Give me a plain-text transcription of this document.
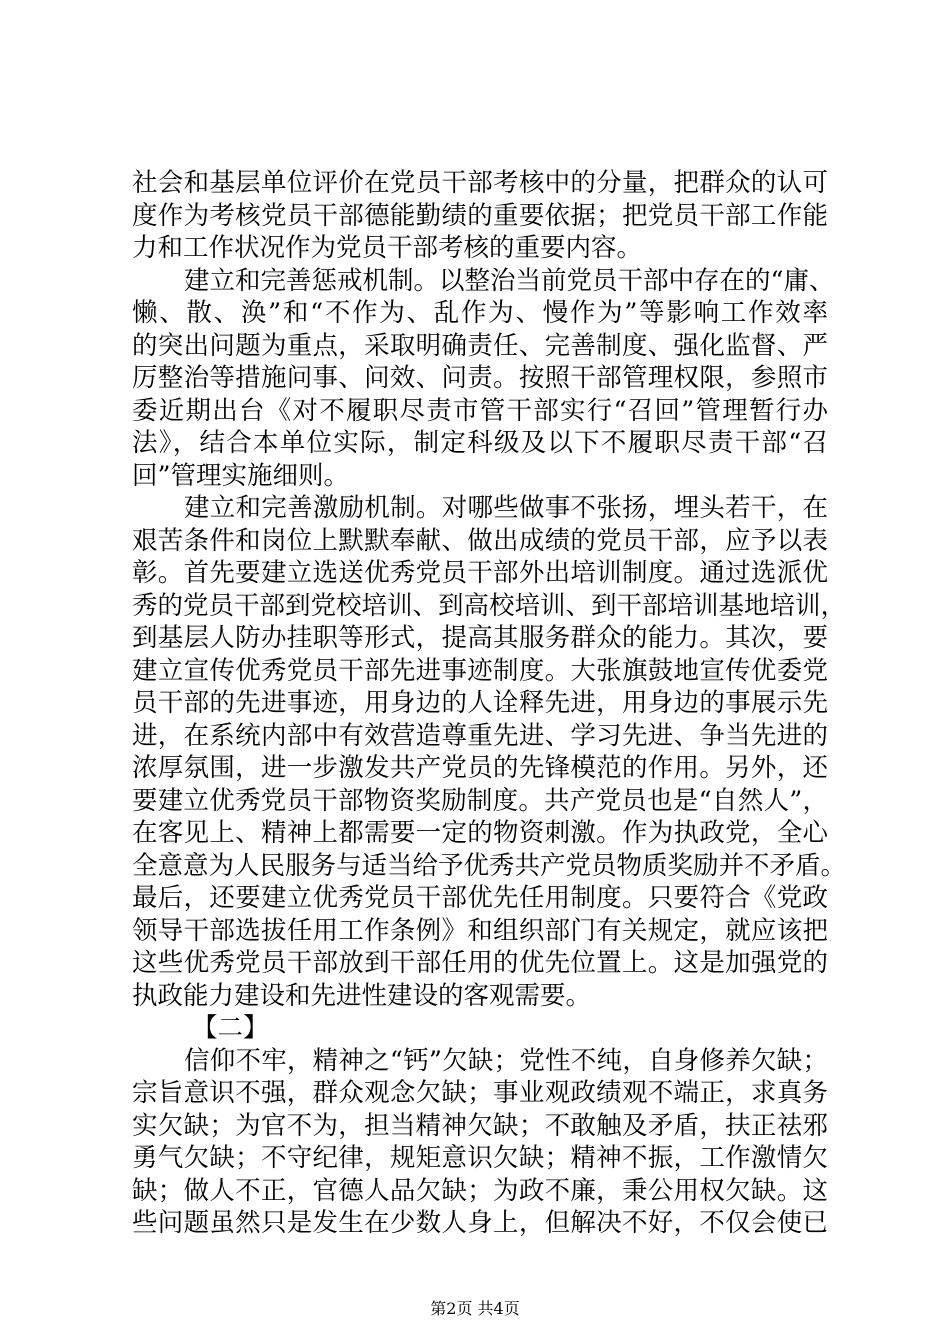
社会和基层单位评价在党员干部考核中的分量，把群众的认可
度作为考核党员干部德能勤绩的重要依据；把党员干部工作能
力和工作状况作为党员干部考核的重要内容。
建立和完善惩戒机制。以整治当前党员干部中存在的“庸、
懒、散、涣”和“不作为、乱作为、慢作为”等影响工作效率
的突出问题为重点，采取明确责任、完善制度、强化监督、严
厉整治等措施问事、问效、问责。按照干部管理权限，参照市
委近期出台《对不履职尽责市管干部实行“召回”管理暂行办
法》，结合本单位实际，制定科级及以下不履职尽责干部“召
回”管理实施细则。
建立和完善激励机制。对哪些做事不张扬，埋头若干，在
艰苦条件和岗位上默默奉献、做出成绩的党员干部，应予以表
彰。首先要建立选送优秀党员干部外出培训制度。通过选派优
秀的党员干部到党校培训、到高校培训、到干部培训基地培训，
到基层人防办挂职等形式，提高其服务群众的能力。其次，要
建立宣传优秀党员干部先进事迹制度。大张旗鼓地宣传优委党
员干部的先进事迹，用身边的人诠释先进，用身边的事展示先
进，在系统内部中有效营造尊重先进、学习先进、争当先进的
浓厚氛围，进一步激发共产党员的先锋模范的作用。另外，还
要建立优秀党员干部物资奖励制度。共产党员也是“自然人”，
在客见上、精神上都需要一定的物资刺激。作为执政党，全心
全意意为人民服务与适当给予优秀共产党员物质奖励并不矛盾。
最后，还要建立优秀党员干部优先任用制度。只要符合《党政
领导干部选拔任用工作条例》和组织部门有关规定，就应该把
这些优秀党员干部放到干部任用的优先位置上。这是加强党的
执政能力建设和先进性建设的客观需要。
【二】
信仰不牢，精神之“钙”欠缺；党性不纯，自身修养欠缺；
宗旨意识不强，群众观念欠缺；事业观政绩观不端正，求真务
实欠缺；为官不为，担当精神欠缺；不敢触及矛盾，扶正祛邪
勇气欠缺；不守纪律，规矩意识欠缺；精神不振，工作激情欠
缺；做人不正，官德人品欠缺；为政不廉，秉公用权欠缺。这
些问题虽然只是发生在少数人身上，但解决不好，不仅会使已
第2页 共4页
